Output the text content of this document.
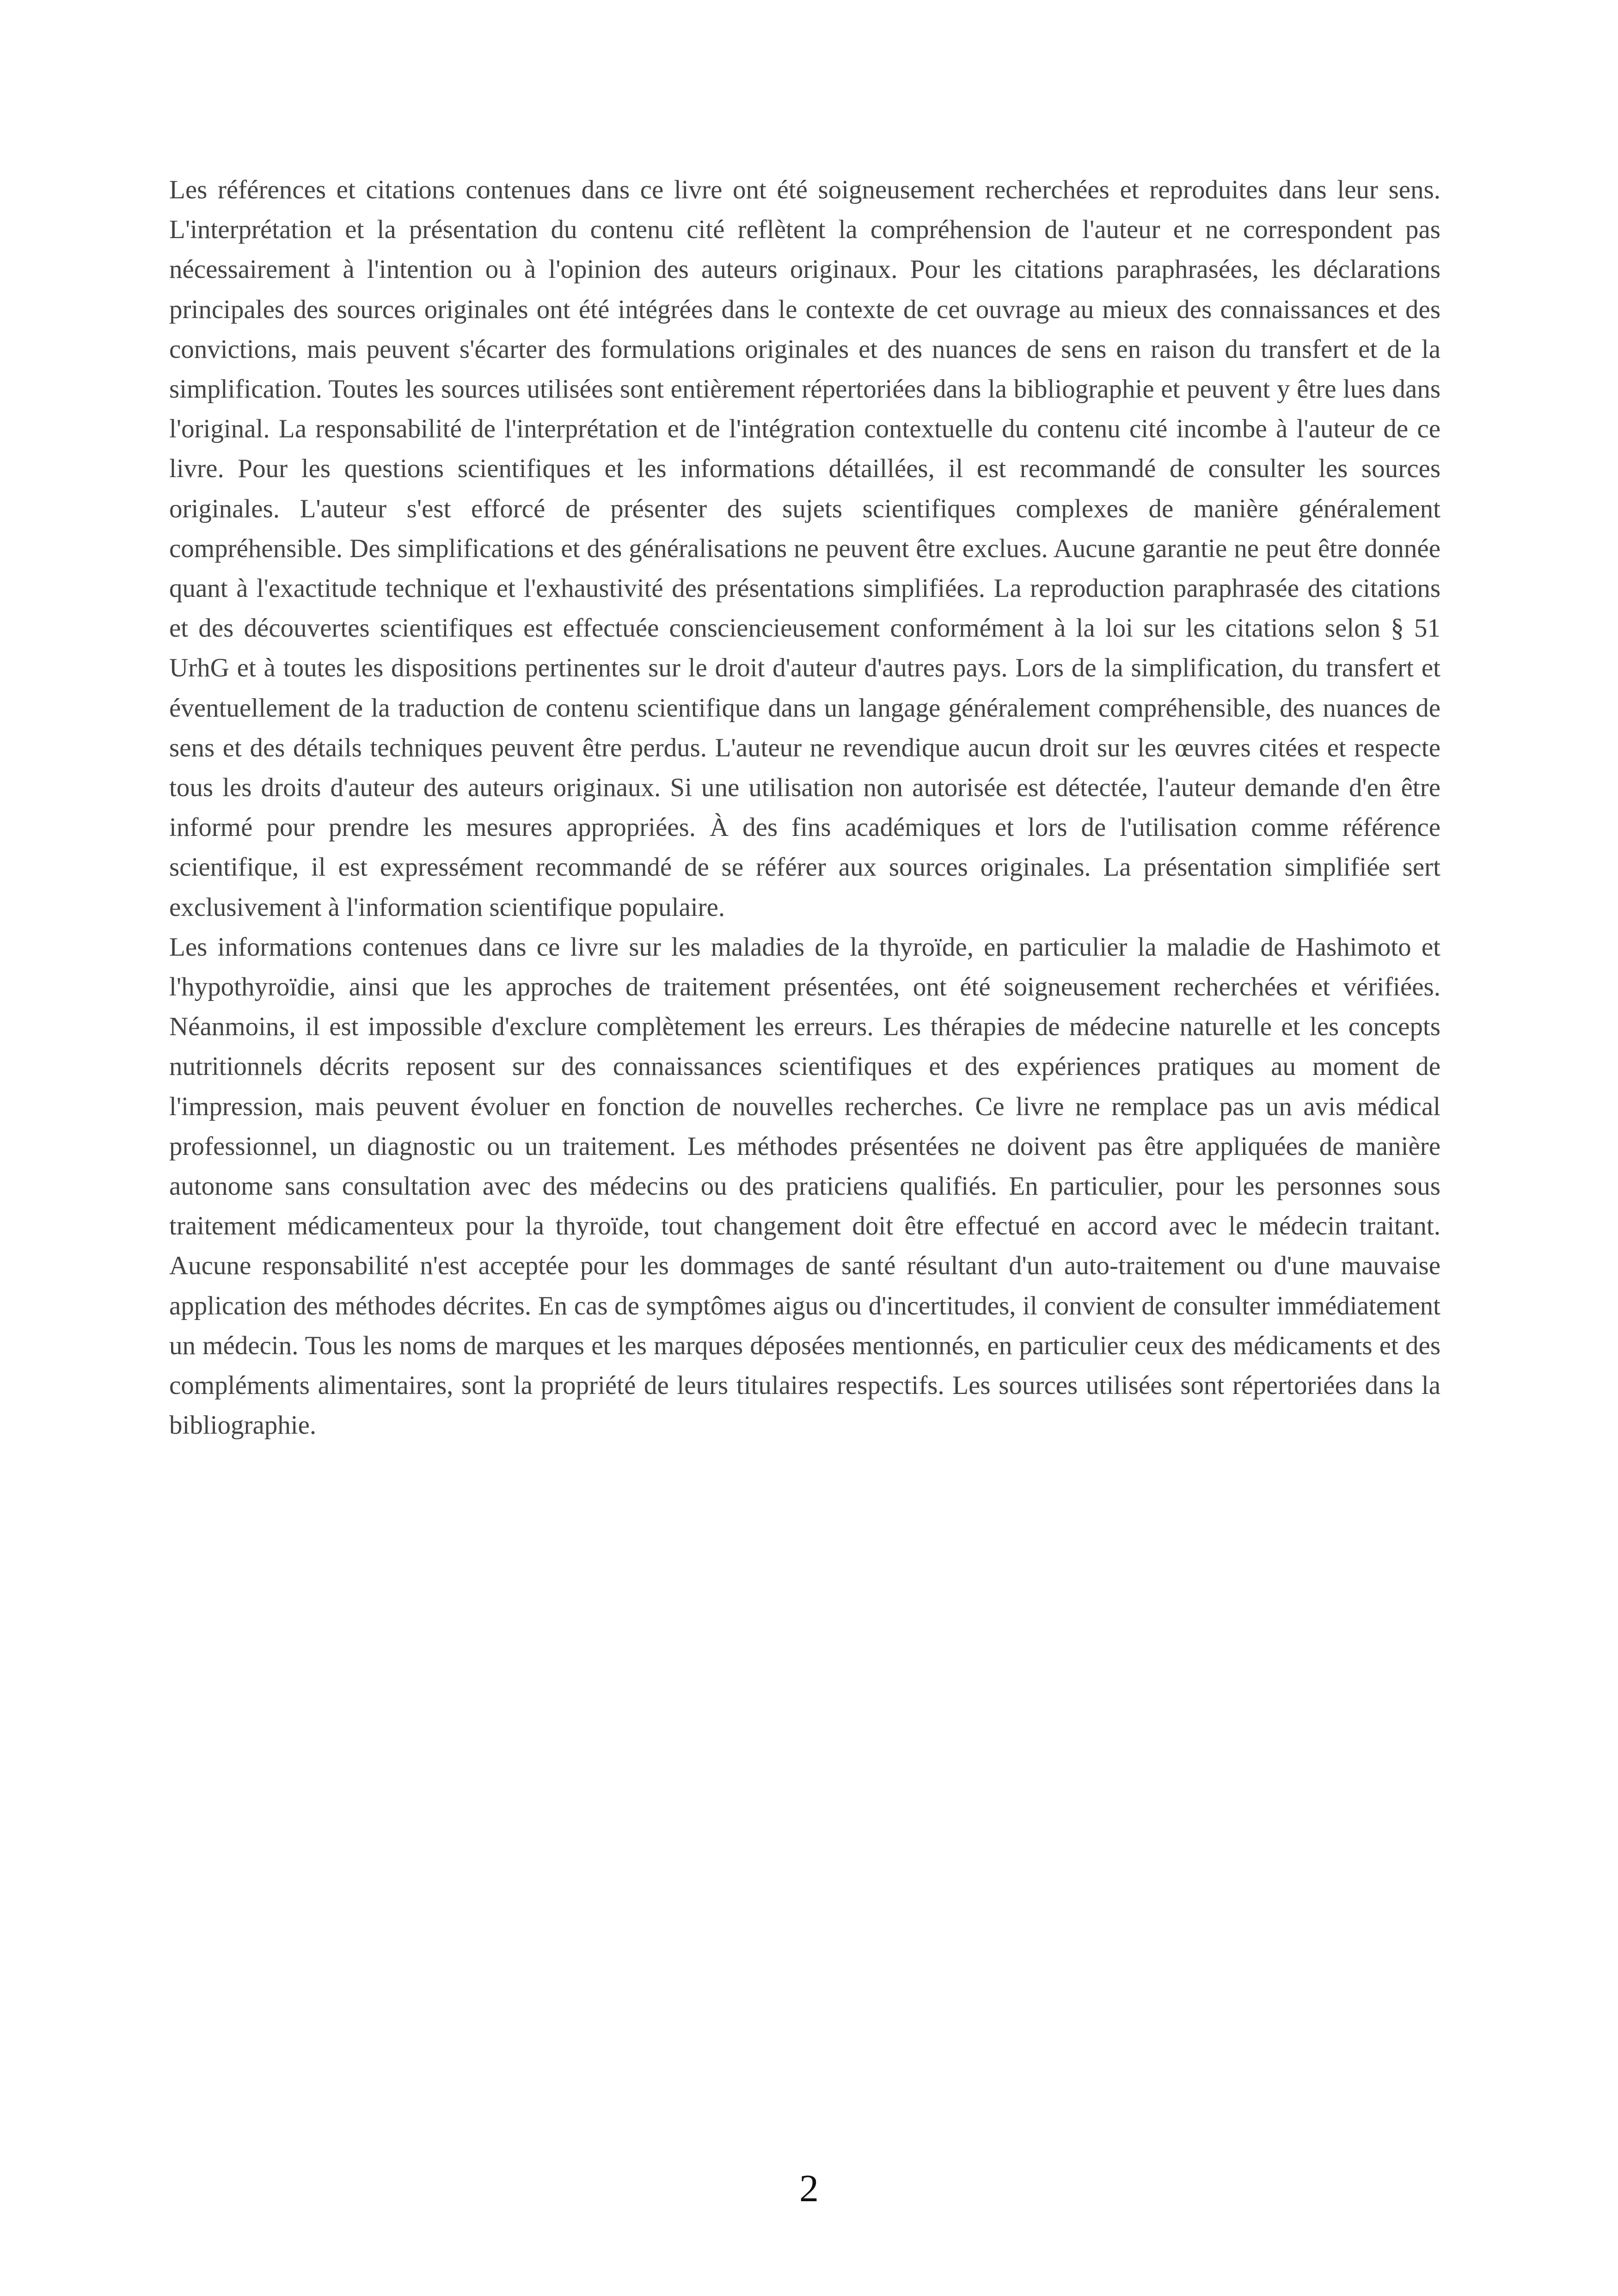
Les références et citations contenues dans ce livre ont été soigneusement recherchées et reproduites dans leur sens. L'interprétation et la présentation du contenu cité reflètent la compréhension de l'auteur et ne correspondent pas nécessairement à l'intention ou à l'opinion des auteurs originaux. Pour les citations paraphrasées, les déclarations principales des sources originales ont été intégrées dans le contexte de cet ouvrage au mieux des connaissances et des convictions, mais peuvent s'écarter des formulations originales et des nuances de sens en raison du transfert et de la simplification. Toutes les sources utilisées sont entièrement répertoriées dans la bibliographie et peuvent y être lues dans l'original. La responsabilité de l'interprétation et de l'intégration contextuelle du contenu cité incombe à l'auteur de ce livre. Pour les questions scientifiques et les informations détaillées, il est recommandé de consulter les sources originales. L'auteur s'est efforcé de présenter des sujets scientifiques complexes de manière généralement compréhensible. Des simplifications et des généralisations ne peuvent être exclues. Aucune garantie ne peut être donnée quant à l'exactitude technique et l'exhaustivité des présentations simplifiées. La reproduction paraphrasée des citations et des découvertes scientifiques est effectuée consciencieusement conformément à la loi sur les citations selon § 51 UrhG et à toutes les dispositions pertinentes sur le droit d'auteur d'autres pays. Lors de la simplification, du transfert et éventuellement de la traduction de contenu scientifique dans un langage généralement compréhensible, des nuances de sens et des détails techniques peuvent être perdus. L'auteur ne revendique aucun droit sur les œuvres citées et respecte tous les droits d'auteur des auteurs originaux. Si une utilisation non autorisée est détectée, l'auteur demande d'en être informé pour prendre les mesures appropriées. À des fins académiques et lors de l'utilisation comme référence scientifique, il est expressément recommandé de se référer aux sources originales. La présentation simplifiée sert exclusivement à l'information scientifique populaire.

Les informations contenues dans ce livre sur les maladies de la thyroïde, en particulier la maladie de Hashimoto et l'hypothyroïdie, ainsi que les approches de traitement présentées, ont été soigneusement recherchées et vérifiées. Néanmoins, il est impossible d'exclure complètement les erreurs. Les thérapies de médecine naturelle et les concepts nutritionnels décrits reposent sur des connaissances scientifiques et des expériences pratiques au moment de l'impression, mais peuvent évoluer en fonction de nouvelles recherches. Ce livre ne remplace pas un avis médical professionnel, un diagnostic ou un traitement. Les méthodes présentées ne doivent pas être appliquées de manière autonome sans consultation avec des médecins ou des praticiens qualifiés. En particulier, pour les personnes sous traitement médicamenteux pour la thyroïde, tout changement doit être effectué en accord avec le médecin traitant. Aucune responsabilité n'est acceptée pour les dommages de santé résultant d'un auto-traitement ou d'une mauvaise application des méthodes décrites. En cas de symptômes aigus ou d'incertitudes, il convient de consulter immédiatement un médecin. Tous les noms de marques et les marques déposées mentionnés, en particulier ceux des médicaments et des compléments alimentaires, sont la propriété de leurs titulaires respectifs. Les sources utilisées sont répertoriées dans la bibliographie.

2
